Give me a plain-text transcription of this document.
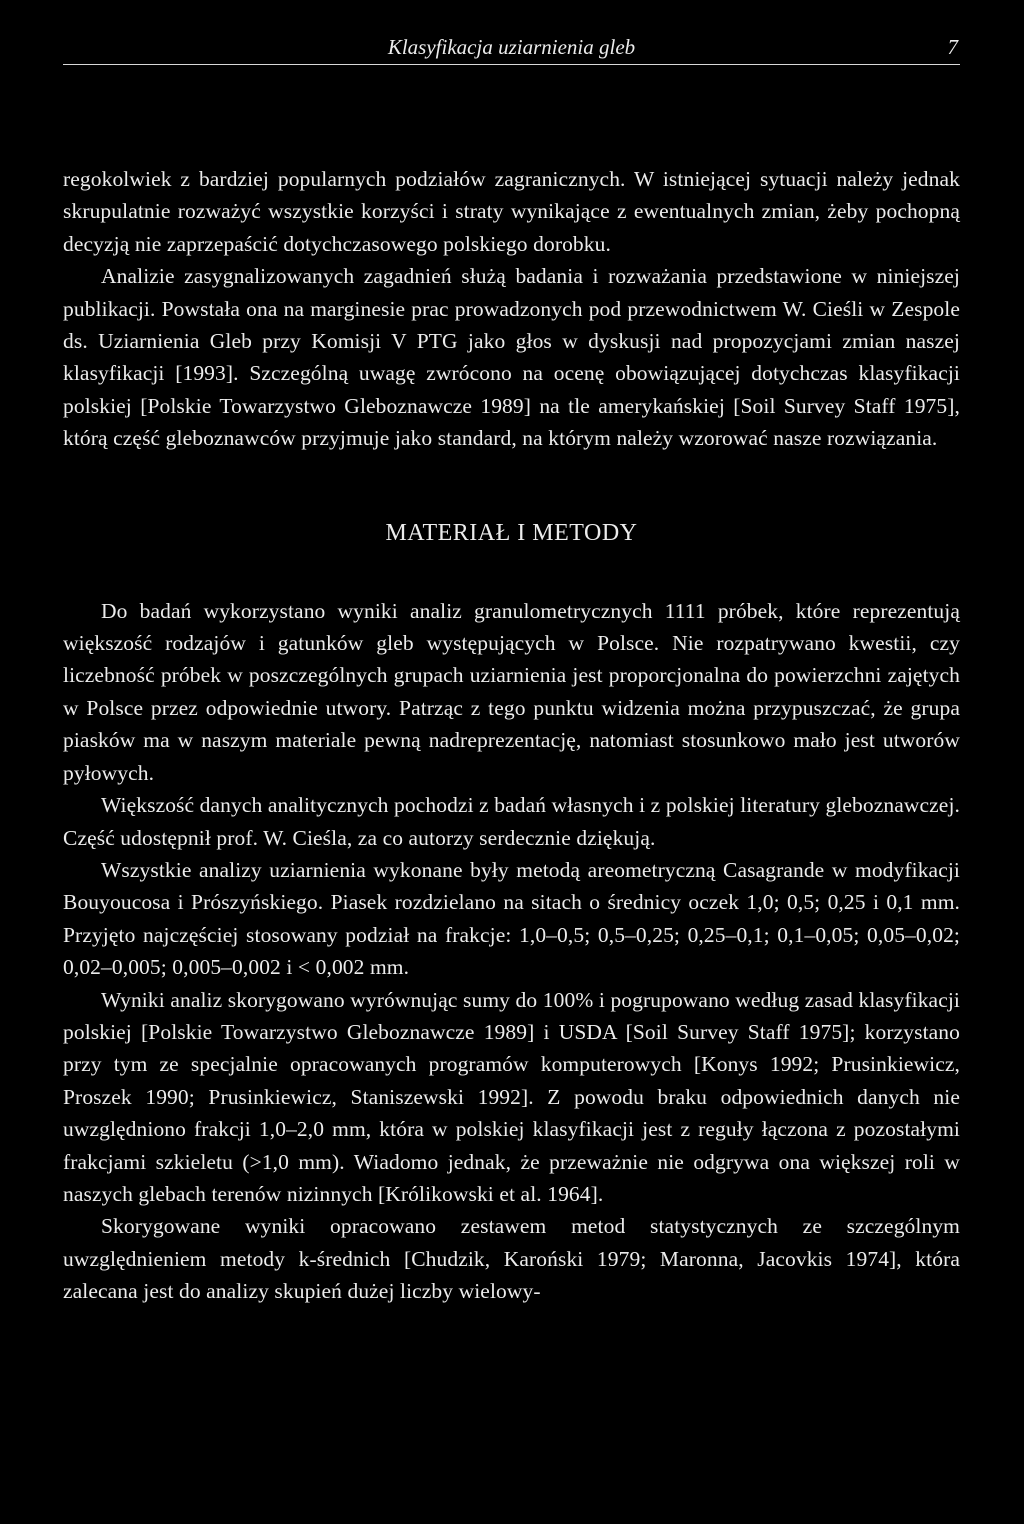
Klasyfikacja uziarnienia gleb	7

regokolwiek z bardziej popularnych podziałów zagranicznych. W istniejącej sytuacji należy jednak skrupulatnie rozważyć wszystkie korzyści i straty wynikające z ewentualnych zmian, żeby pochopną decyzją nie zaprzepaścić dotychczasowego polskiego dorobku.

Analizie zasygnalizowanych zagadnień służą badania i rozważania przedstawione w niniejszej publikacji. Powstała ona na marginesie prac prowadzonych pod przewodnictwem W. Cieśli w Zespole ds. Uziarnienia Gleb przy Komisji V PTG jako głos w dyskusji nad propozycjami zmian naszej klasyfikacji [1993]. Szczególną uwagę zwrócono na ocenę obowiązującej dotychczas klasyfikacji polskiej [Polskie Towarzystwo Gleboznawcze 1989] na tle amerykańskiej [Soil Survey Staff 1975], którą część gleboznawców przyjmuje jako standard, na którym należy wzorować nasze rozwiązania.

MATERIAŁ I METODY

Do badań wykorzystano wyniki analiz granulometrycznych 1111 próbek, które reprezentują większość rodzajów i gatunków gleb występujących w Polsce. Nie rozpatrywano kwestii, czy liczebność próbek w poszczególnych grupach uziarnienia jest proporcjonalna do powierzchni zajętych w Polsce przez odpowiednie utwory. Patrząc z tego punktu widzenia można przypuszczać, że grupa piasków ma w naszym materiale pewną nadreprezentację, natomiast stosunkowo mało jest utworów pyłowych.

Większość danych analitycznych pochodzi z badań własnych i z polskiej literatury gleboznawczej. Część udostępnił prof. W. Cieśla, za co autorzy serdecznie dziękują.

Wszystkie analizy uziarnienia wykonane były metodą areometryczną Casagrande w modyfikacji Bouyoucosa i Prószyńskiego. Piasek rozdzielano na sitach o średnicy oczek 1,0; 0,5; 0,25 i 0,1 mm. Przyjęto najczęściej stosowany podział na frakcje: 1,0–0,5; 0,5–0,25; 0,25–0,1; 0,1–0,05; 0,05–0,02; 0,02–0,005; 0,005–0,002 i < 0,002 mm.

Wyniki analiz skorygowano wyrównując sumy do 100% i pogrupowano według zasad klasyfikacji polskiej [Polskie Towarzystwo Gleboznawcze 1989] i USDA [Soil Survey Staff 1975]; korzystano przy tym ze specjalnie opracowanych programów komputerowych [Konys 1992; Prusinkiewicz, Proszek 1990; Prusinkiewicz, Staniszewski 1992]. Z powodu braku odpowiednich danych nie uwzględniono frakcji 1,0–2,0 mm, która w polskiej klasyfikacji jest z reguły łączona z pozostałymi frakcjami szkieletu (>1,0 mm). Wiadomo jednak, że przeważnie nie odgrywa ona większej roli w naszych glebach terenów nizinnych [Królikowski et al. 1964].

Skorygowane wyniki opracowano zestawem metod statystycznych ze szczególnym uwzględnieniem metody k-średnich [Chudzik, Karoński 1979; Maronna, Jacovkis 1974], która zalecana jest do analizy skupień dużej liczby wielowy-
